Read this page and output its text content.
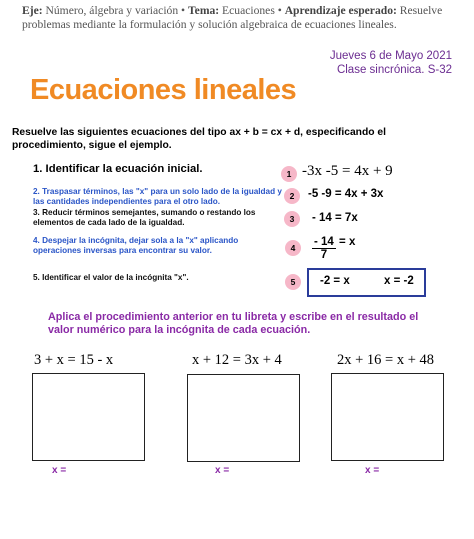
Eje: Número, álgebra y variación • Tema: Ecuaciones • Aprendizaje esperado: Resuelve problemas mediante la formulación y solución algebraica de ecuaciones lineales.
Jueves 6 de Mayo 2021
Clase sincrónica. S-32
Ecuaciones lineales
Resuelve las siguientes ecuaciones del tipo ax + b = cx + d, especificando el procedimiento, sigue el ejemplo.
1. Identificar la ecuación inicial.	1 -3x -5 = 4x + 9
2. Traspasar términos, las "x" para un solo lado de la igualdad y las cantidades independientes para el otro lado.
2	-5 -9 = 4x + 3x
3. Reducir términos semejantes, sumando o restando los elementos de cada lado de la igualdad.	3	- 14 = 7x
4. Despejar la incógnita, dejar sola a la "x" aplicando operaciones inversas para encontrar su valor.	4	$\frac{- 14}{7} = x$
5. Identificar el valor de la incógnita "x".	5	-2 = x	x = -2
Aplica el procedimiento anterior en tu libreta y escribe en el resultado el valor numérico para la incógnita de cada ecuación.
3 + x = 15 - x	x + 12 = 3x + 4	2x + 16 = x + 48
x =	x =	x =
